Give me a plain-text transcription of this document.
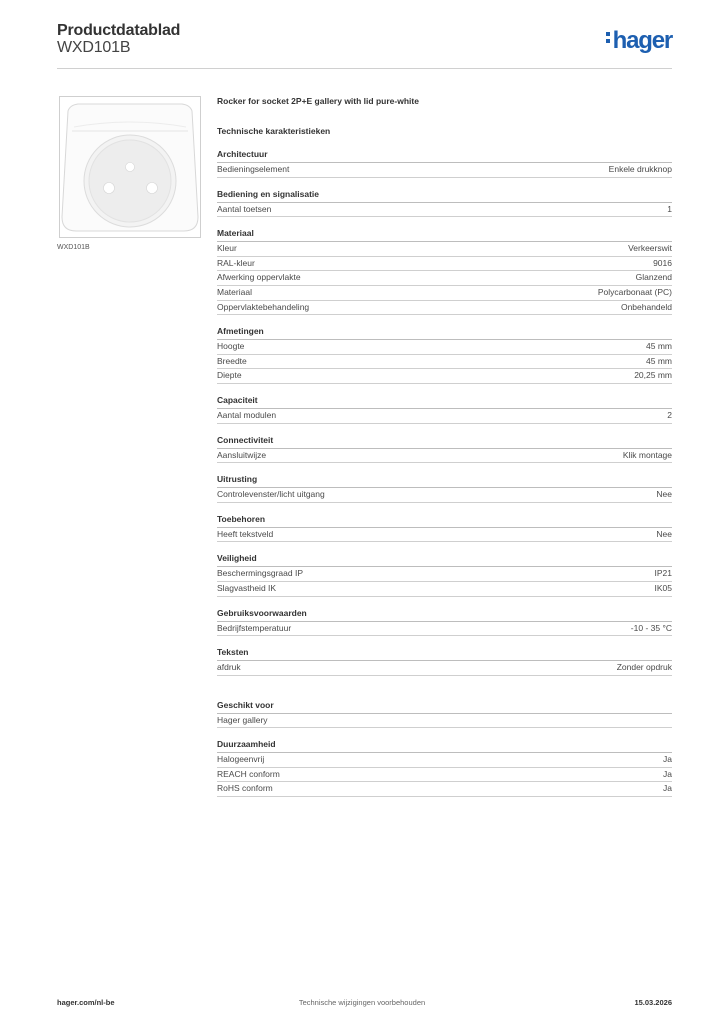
Productdatablad
WXD101B	hager
WXD101B
Rocker for socket 2P+E gallery with lid pure-white
Technische karakteristieken
Architectuur
Bedieningselement	Enkele drukknop
Bediening en signalisatie
Aantal toetsen	1
Materiaal
Kleur	Verkeerswit
RAL-kleur	9016
Afwerking oppervlakte	Glanzend
Materiaal	Polycarbonaat (PC)
Oppervlaktebehandeling	Onbehandeld
Afmetingen
Hoogte	45 mm
Breedte	45 mm
Diepte	20,25 mm
Capaciteit
Aantal modulen	2
Connectiviteit
Aansluitwijze	Klik montage
Uitrusting
Controlevenster/licht uitgang	Nee
Toebehoren
Heeft tekstveld	Nee
Veiligheid
Beschermingsgraad IP	IP21
Slagvastheid IK	IK05
Gebruiksvoorwaarden
Bedrijfstemperatuur	-10 - 35 °C
Teksten
afdruk	Zonder opdruk
Geschikt voor
Hager gallery
Duurzaamheid
Halogeenvrij	Ja
REACH conform	Ja
RoHS conform	Ja
hager.com/nl-be	Technische wijzigingen voorbehouden	15.03.2026
